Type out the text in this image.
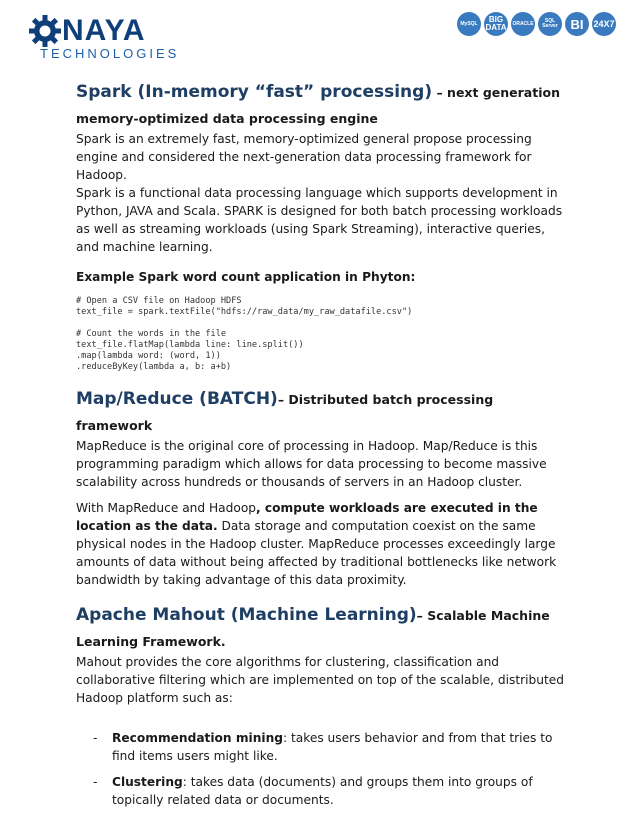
NAYA
TECHNOLOGIES
MySQL	BIG DATA ORACLE	SQL Server BI	24X7
Spark (In-memory “fast” processing) – next generation memory-optimized data processing engine

Spark is an extremely fast, memory-optimized general propose processing engine and considered the next-generation data processing framework for Hadoop.

Spark is a functional data processing language which supports development in Python, JAVA and Scala. SPARK is designed for both batch processing workloads as well as streaming workloads (using Spark Streaming), interactive queries, and machine learning.

Example Spark word count application in Phyton:
# Open a CSV file on Hadoop HDFS
text_file = spark.textFile("hdfs://raw_data/my_raw_datafile.csv")

# Count the words in the file
text_file.flatMap(lambda line: line.split())
.map(lambda word: (word, 1))
.reduceByKey(lambda a, b: a+b)
Map/Reduce (BATCH)– Distributed batch processing framework

MapReduce is the original core of processing in Hadoop. Map/Reduce is this programming paradigm which allows for data processing to become massive scalability across hundreds or thousands of servers in an Hadoop cluster.

With MapReduce and Hadoop, compute workloads are executed in the location as the data. Data storage and computation coexist on the same physical nodes in the Hadoop cluster. MapReduce processes exceedingly large amounts of data without being affected by traditional bottlenecks like network bandwidth by taking advantage of this data proximity.

Apache Mahout (Machine Learning)– Scalable Machine Learning Framework.

Mahout provides the core algorithms for clustering, classification and collaborative filtering which are implemented on top of the scalable, distributed Hadoop platform such as:

- Recommendation mining: takes users behavior and from that tries to find items users might like.
- Clustering: takes data (documents) and groups them into groups of topically related data or documents.
